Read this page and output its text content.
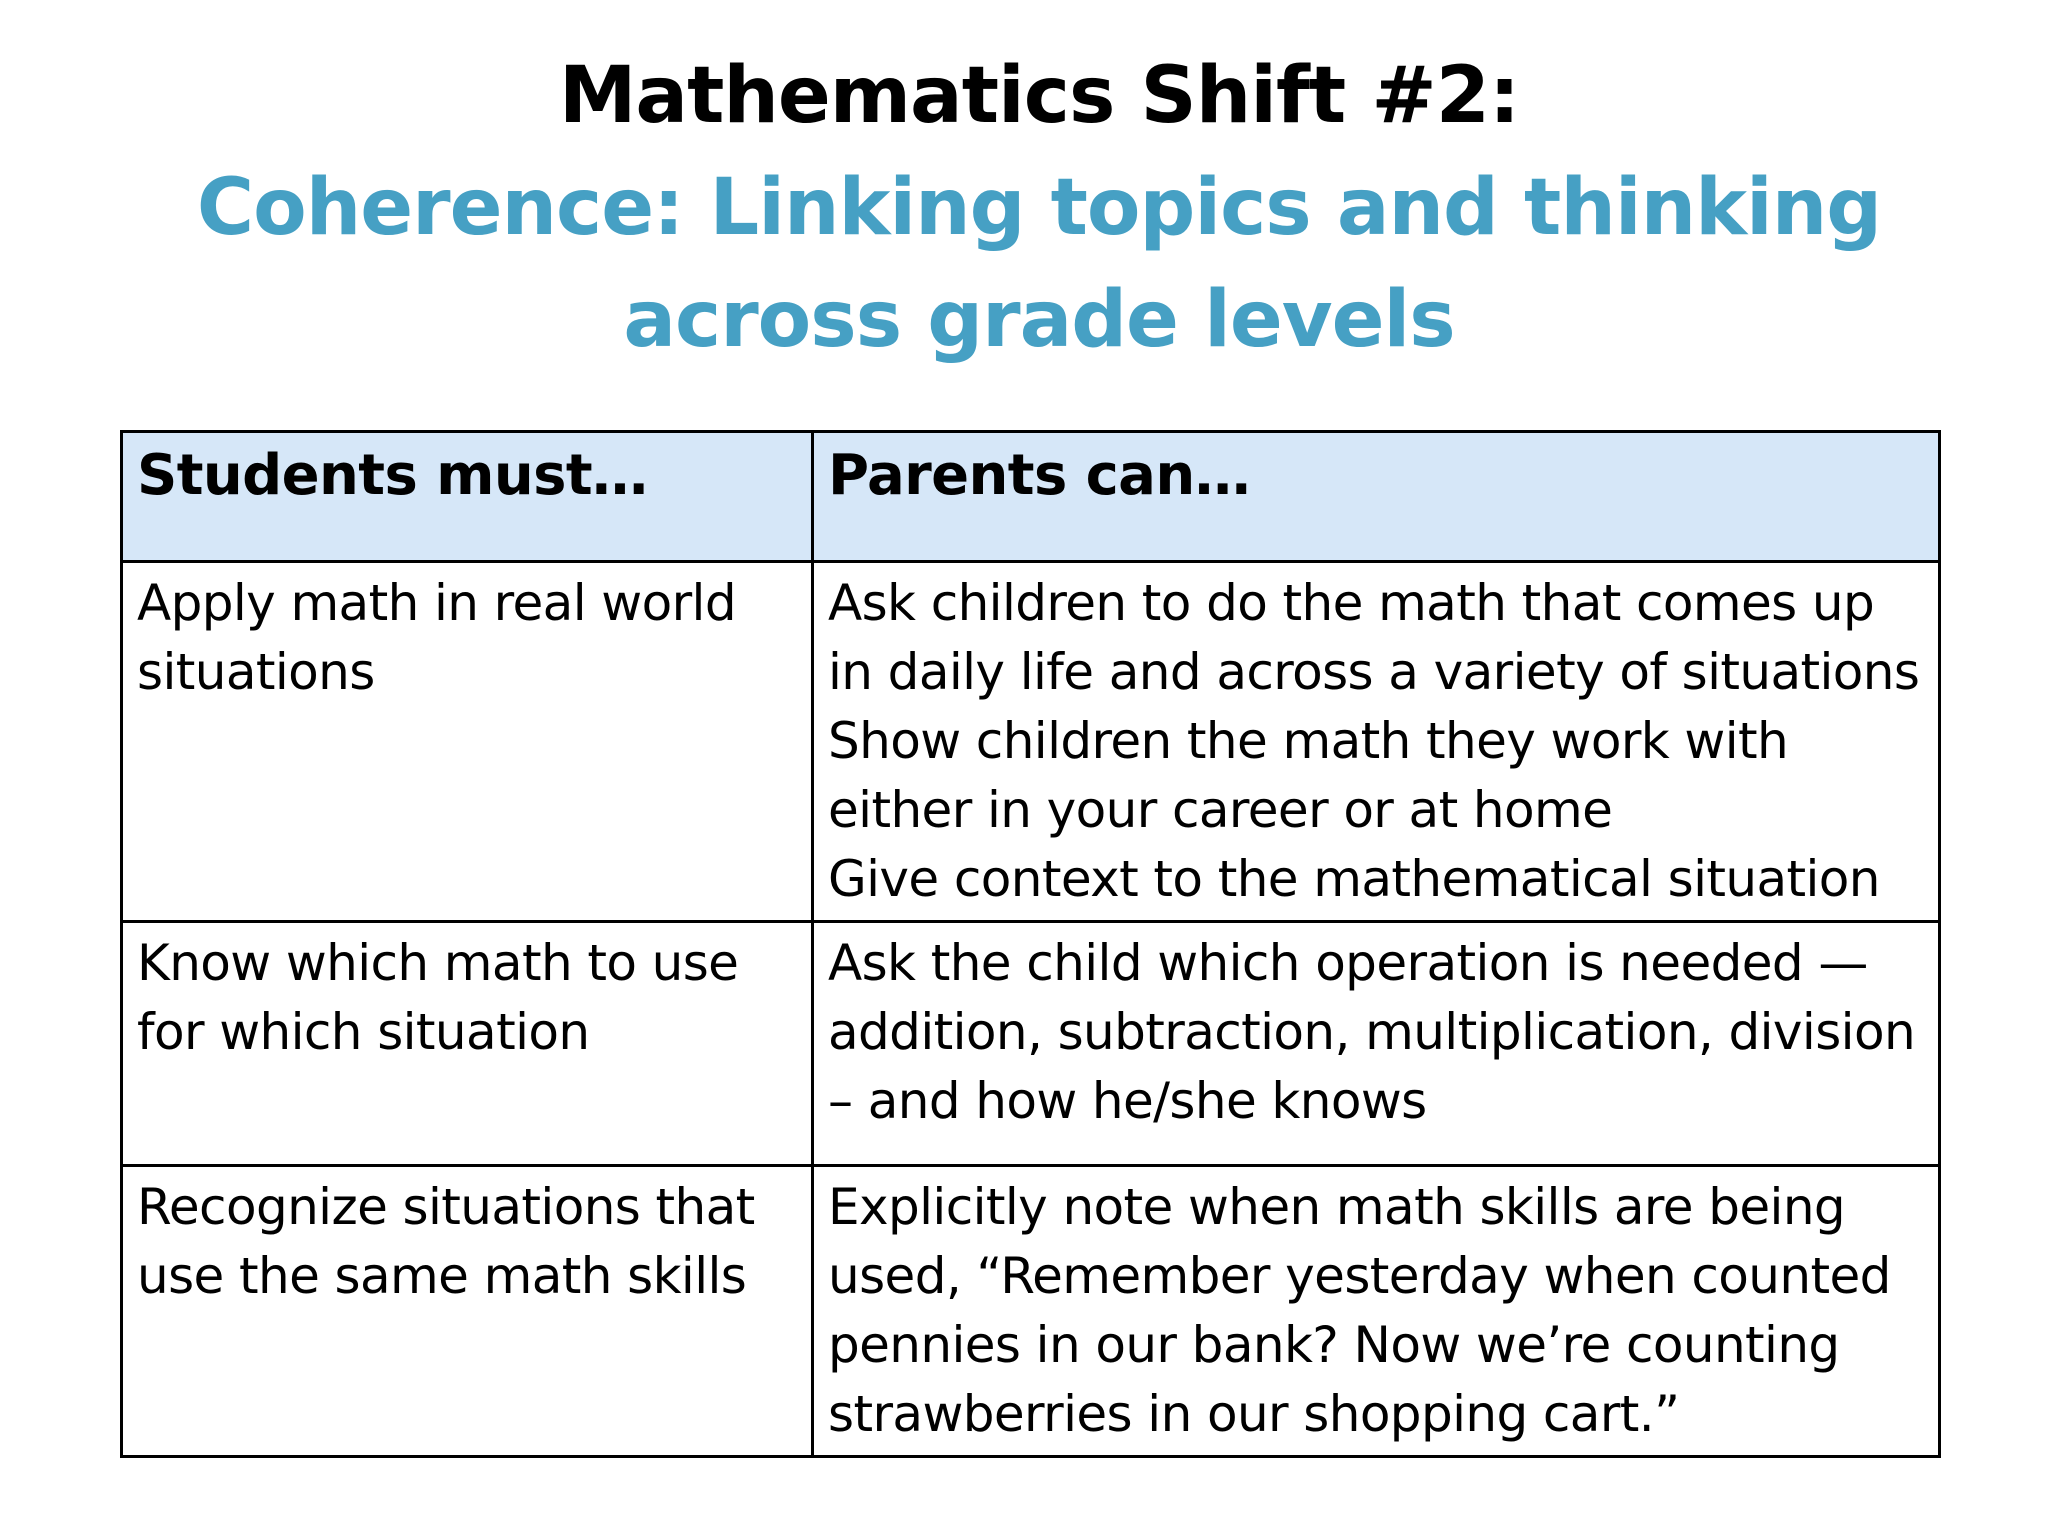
Mathematics Shift #2:
Coherence: Linking topics and thinking
across grade levels
Students must…	Parents can…
Apply math in real world situations	Ask children to do the math that comes up in daily life and across a variety of situations
Show children the math they work with either in your career or at home
Give context to the mathematical situation

Know which math to use for which situation	Ask the child which operation is needed — addition, subtraction, multiplication, division – and how he/she knows

Recognize situations that use the same math skills	Explicitly note when math skills are being used, “Remember yesterday when counted pennies in our bank? Now we’re counting strawberries in our shopping cart.”
